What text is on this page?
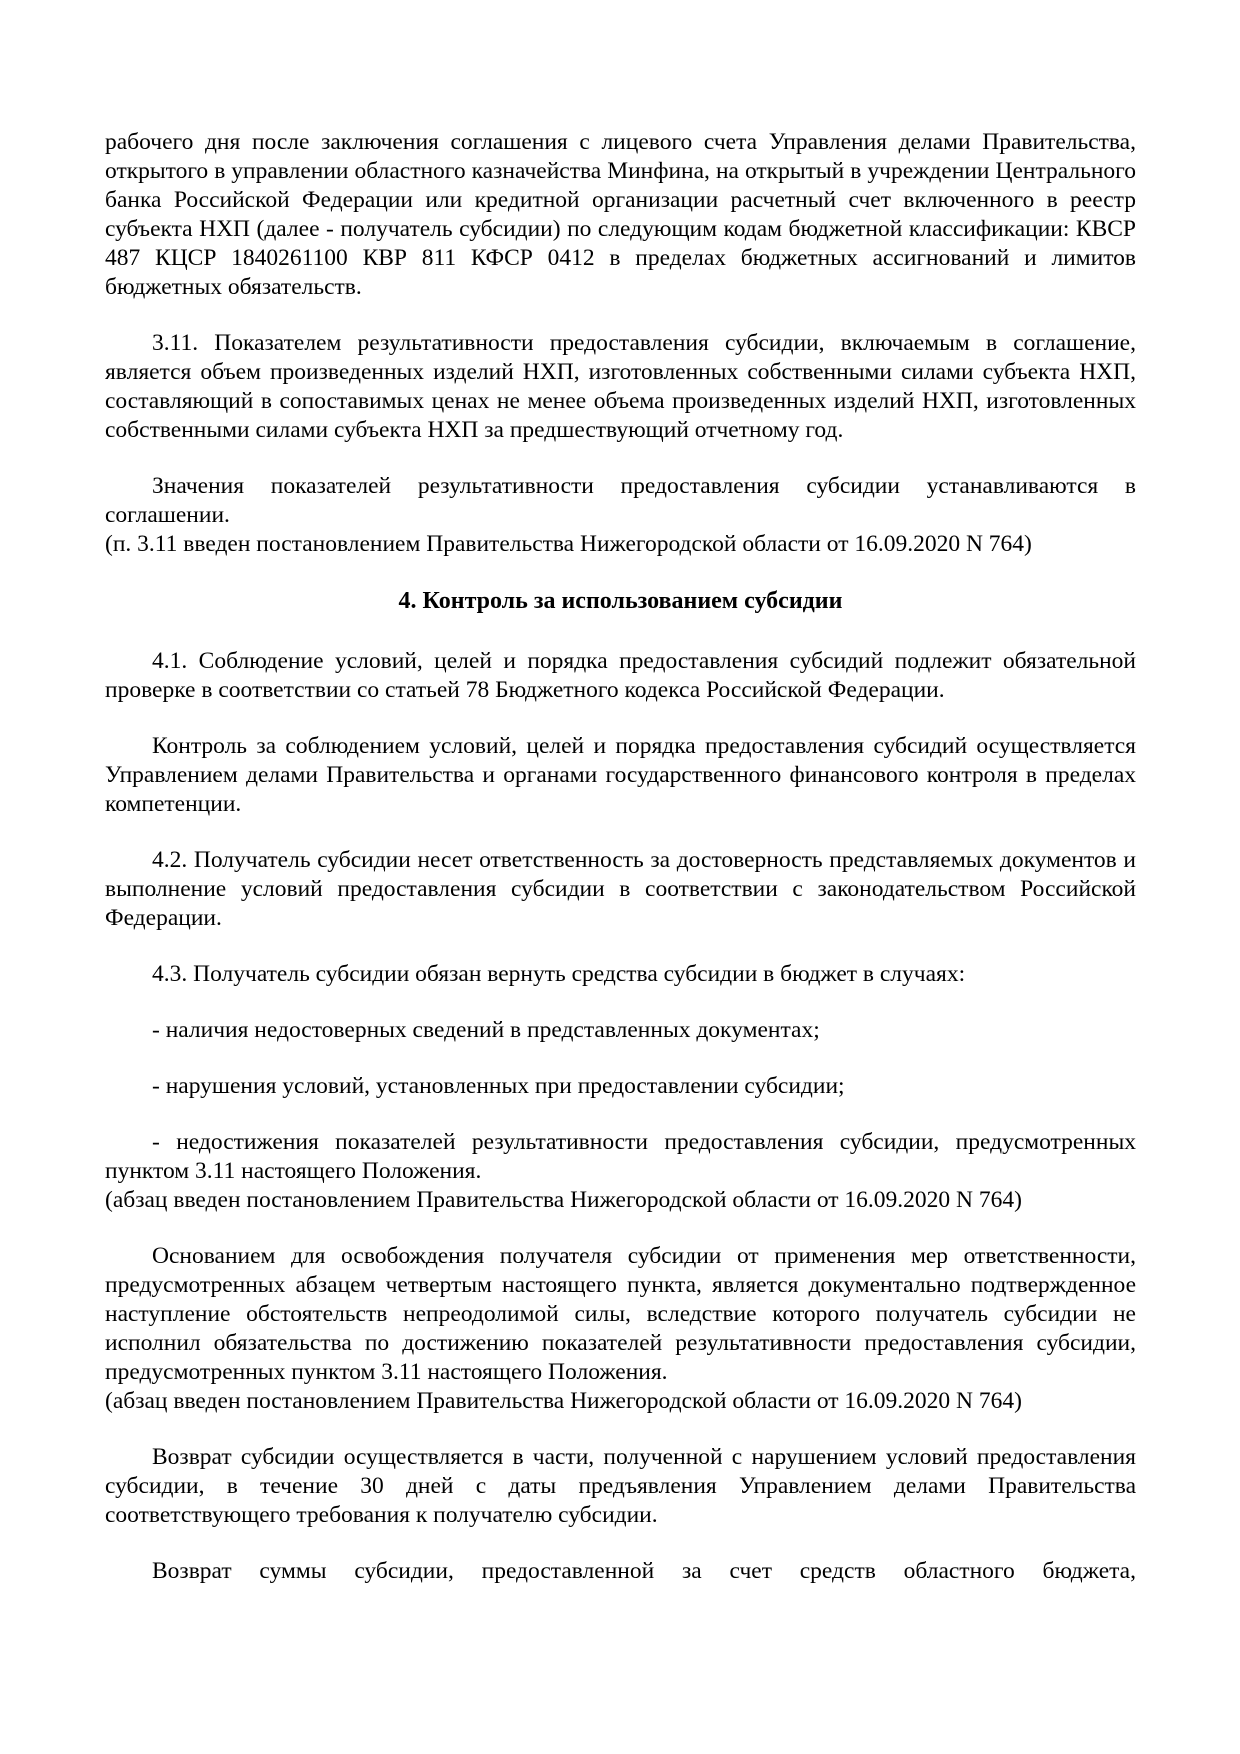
рабочего дня после заключения соглашения с лицевого счета Управления делами Правительства, открытого в управлении областного казначейства Минфина, на открытый в учреждении Центрального банка Российской Федерации или кредитной организации расчетный счет включенного в реестр субъекта НХП (далее - получатель субсидии) по следующим кодам бюджетной классификации: КВСР 487 КЦСР 1840261100 КВР 811 КФСР 0412 в пределах бюджетных ассигнований и лимитов бюджетных обязательств.

3.11. Показателем результативности предоставления субсидии, включаемым в соглашение, является объем произведенных изделий НХП, изготовленных собственными силами субъекта НХП, составляющий в сопоставимых ценах не менее объема произведенных изделий НХП, изготовленных собственными силами субъекта НХП за предшествующий отчетному год.

Значения показателей результативности предоставления субсидии устанавливаются в соглашении.

(п. 3.11 введен постановлением Правительства Нижегородской области от 16.09.2020 N 764)

4. Контроль за использованием субсидии

4.1. Соблюдение условий, целей и порядка предоставления субсидий подлежит обязательной проверке в соответствии со статьей 78 Бюджетного кодекса Российской Федерации.

Контроль за соблюдением условий, целей и порядка предоставления субсидий осуществляется Управлением делами Правительства и органами государственного финансового контроля в пределах компетенции.

4.2. Получатель субсидии несет ответственность за достоверность представляемых документов и выполнение условий предоставления субсидии в соответствии с законодательством Российской Федерации.

4.3. Получатель субсидии обязан вернуть средства субсидии в бюджет в случаях:

- наличия недостоверных сведений в представленных документах;

- нарушения условий, установленных при предоставлении субсидии;

- недостижения показателей результативности предоставления субсидии, предусмотренных пунктом 3.11 настоящего Положения.

(абзац введен постановлением Правительства Нижегородской области от 16.09.2020 N 764)

Основанием для освобождения получателя субсидии от применения мер ответственности, предусмотренных абзацем четвертым настоящего пункта, является документально подтвержденное наступление обстоятельств непреодолимой силы, вследствие которого получатель субсидии не исполнил обязательства по достижению показателей результативности предоставления субсидии, предусмотренных пунктом 3.11 настоящего Положения.

(абзац введен постановлением Правительства Нижегородской области от 16.09.2020 N 764)

Возврат субсидии осуществляется в части, полученной с нарушением условий предоставления субсидии, в течение 30 дней с даты предъявления Управлением делами Правительства соответствующего требования к получателю субсидии.

Возврат суммы субсидии, предоставленной за счет средств областного бюджета,
